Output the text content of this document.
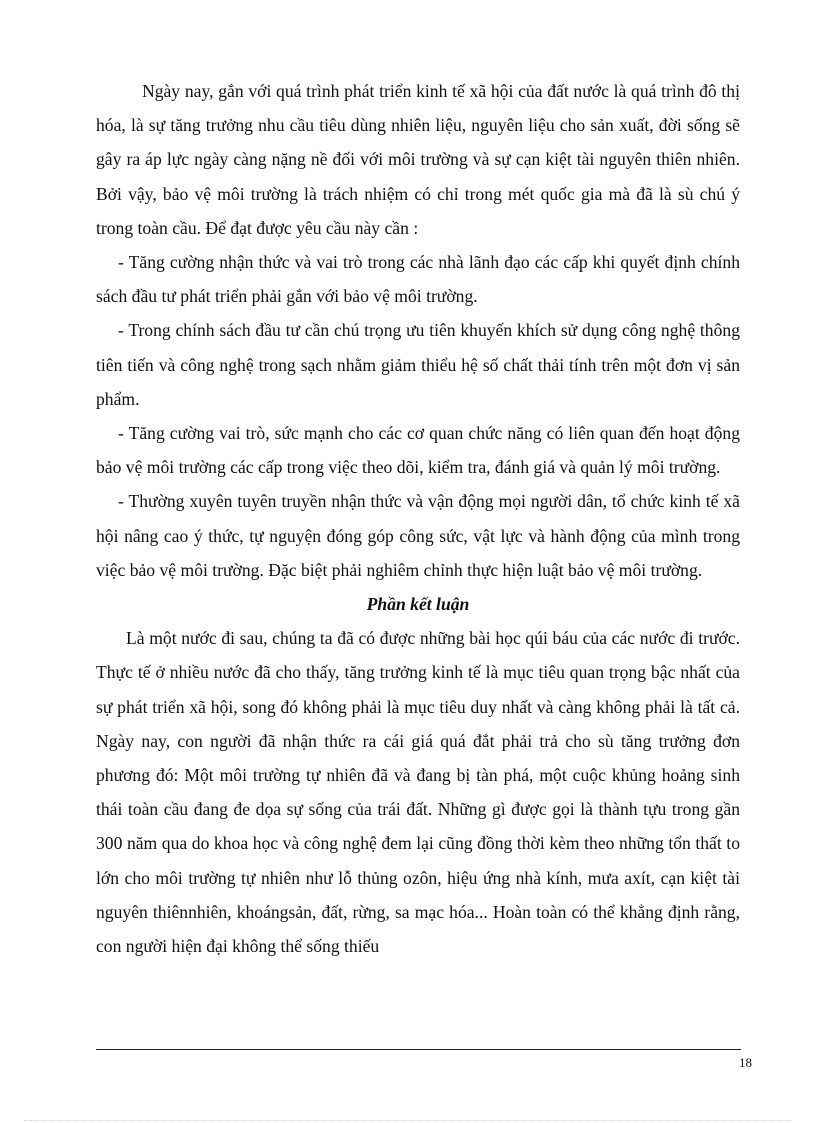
Ngày nay, gắn với quá trình phát triển kinh tế xã hội của đất nước là quá trình đô thị hóa, là sự tăng trưởng nhu cầu tiêu dùng nhiên liệu, nguyên liệu cho sản xuất, đời sống sẽ gây ra áp lực ngày càng nặng nề đối với môi trường và sự cạn kiệt tài nguyên thiên nhiên. Bởi vậy, bảo vệ môi trường là trách nhiệm có chỉ trong mét quốc gia mà đã là sù chú ý trong toàn cầu. Để đạt được yêu cầu này cần :

- Tăng cường nhận thức và vai trò trong các nhà lãnh đạo các cấp khi quyết định chính sách đầu tư phát triển phải gắn với bảo vệ môi trường.

- Trong chính sách đầu tư cần chú trọng ưu tiên khuyến khích sử dụng công nghệ thông tiên tiến và công nghệ trong sạch nhằm giảm thiểu hệ số chất thải tính trên một đơn vị sản phẩm.

- Tăng cường vai trò, sức mạnh cho các cơ quan chức năng có liên quan đến hoạt động bảo vệ môi trường các cấp trong việc theo dõi, kiểm tra, đánh giá và quản lý môi trường.

- Thường xuyên tuyên truyền nhận thức và vận động mọi người dân, tổ chức kinh tế xã hội nâng cao ý thức, tự nguyện đóng góp công sức, vật lực và hành động của mình trong việc bảo vệ môi trường. Đặc biệt phải nghiêm chỉnh thực hiện luật bảo vệ môi trường.

Phần kết luận

Là một nước đi sau, chúng ta đã có được những bài học qúi báu của các nước đi trước. Thực tế ở nhiều nước đã cho thấy, tăng trưởng kinh tế là mục tiêu quan trọng bậc nhất của sự phát triển xã hội, song đó không phải là mục tiêu duy nhất và càng không phải là tất cả. Ngày nay, con người đã nhận thức ra cái giá quá đắt phải trả cho sù tăng trưởng đơn phương đó: Một môi trường tự nhiên đã và đang bị tàn phá, một cuộc khủng hoảng sinh thái toàn cầu đang đe dọa sự sống của trái đất. Những gì được gọi là thành tựu trong gần 300 năm qua do khoa học và công nghệ đem lại cũng đồng thời kèm theo những tổn thất to lớn cho môi trường tự nhiên như lỗ thủng ozôn, hiệu ứng nhà kính, mưa axít, cạn kiệt tài nguyên thiênnhiên, khoángsản, đất, rừng, sa mạc hóa... Hoàn toàn có thể khẳng định rằng, con người hiện đại không thể sống thiếu

18
